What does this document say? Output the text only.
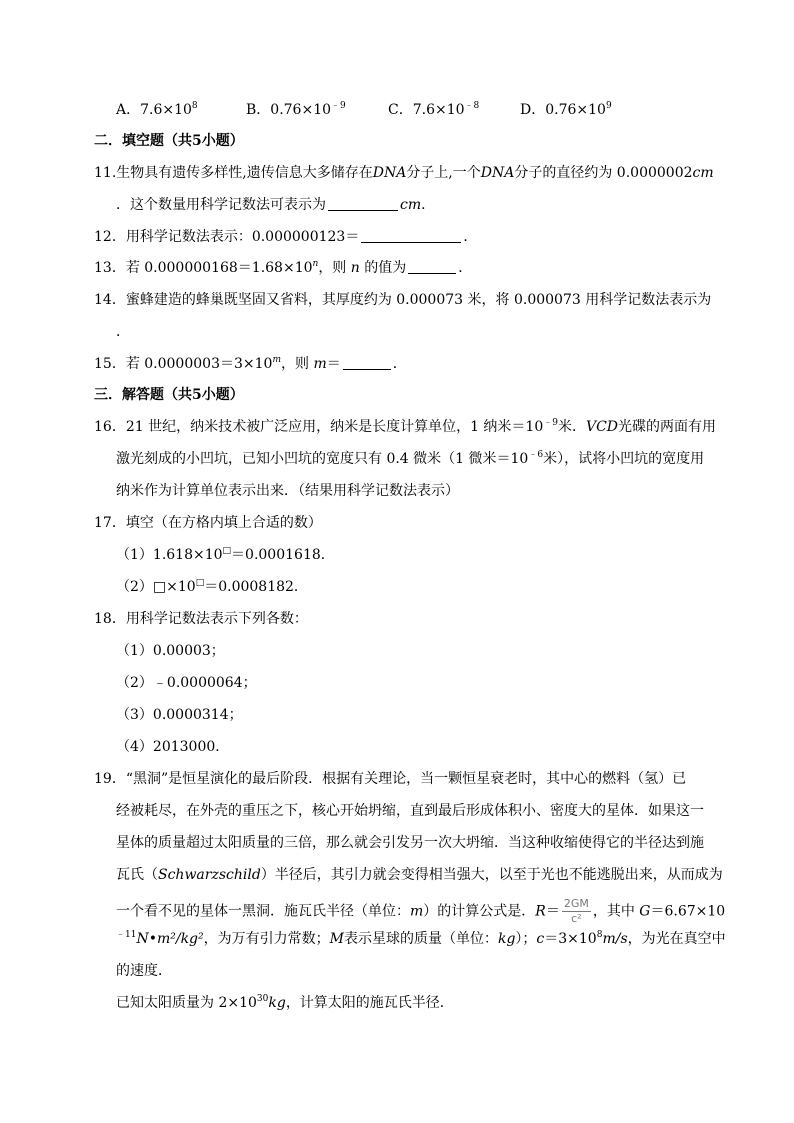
A．$7.6\times 10^8$	B．$0.76\times 10^{﹣9}$	C．$7.6\times 10^{﹣8}$	D．$0.76\times 10^9$
二．填空题（共5小题）
11.生物具有遗传多样性,遗传信息大多储存在DNA分子上,一个DNA分子的直径约为 0.0000002cm
．这个数量用科学记数法可表示为	cm．
12．用科学记数法表示：0.000000123＝	．
13．若 $0.000000168=1.68\times 10^n$，则 n 的值为	．
14．蜜蜂建造的蜂巢既坚固又省料，其厚度约为 0.000073 米，将 0.000073 用科学记数法表示为
．
15．若 $0.0000003=3\times 10^m$，则 m＝	．
三．解答题（共5小题）
16．21 世纪，纳米技术被广泛应用，纳米是长度计算单位，1 纳米$=10^{﹣9}$米．VCD光碟的两面有用
激光刻成的小凹坑，已知小凹坑的宽度只有 0.4 微米（1 微米$=10^{﹣6}$米），试将小凹坑的宽度用
纳米作为计算单位表示出来．（结果用科学记数法表示）
17．填空（在方格内填上合适的数）
（1）1.618×10□＝0.0001618．
（2）□×10□＝0.0008182．
18．用科学记数法表示下列各数：
（1）0.00003；
（2）﹣0.0000064；
（3）0.0000314；
（4）2013000．
19．“黑洞”是恒星演化的最后阶段．根据有关理论，当一颗恒星衰老时，其中心的燃料（氢）已
经被耗尽，在外壳的重压之下，核心开始坍缩，直到最后形成体积小、密度大的星体．如果这一
星体的质量超过太阳质量的三倍，那么就会引发另一次大坍缩．当这种收缩使得它的半径达到施
瓦氏（Schwarzschild）半径后，其引力就会变得相当强大，以至于光也不能逃脱出来，从而成为
一个看不见的星体一黑洞．施瓦氏半径（单位：m）的计算公式是．$R= \frac{2GM}{\text{c²}}$ ，其中 G＝6.67×10
$^{﹣11}$N•m²/kg²，为万有引力常数；M表示星球的质量（单位：kg）；$c=3\times 10^8m/s$，为光在真空中
的速度．
已知太阳质量为 $2\times 10^{30}kg$，计算太阳的施瓦氏半径．
